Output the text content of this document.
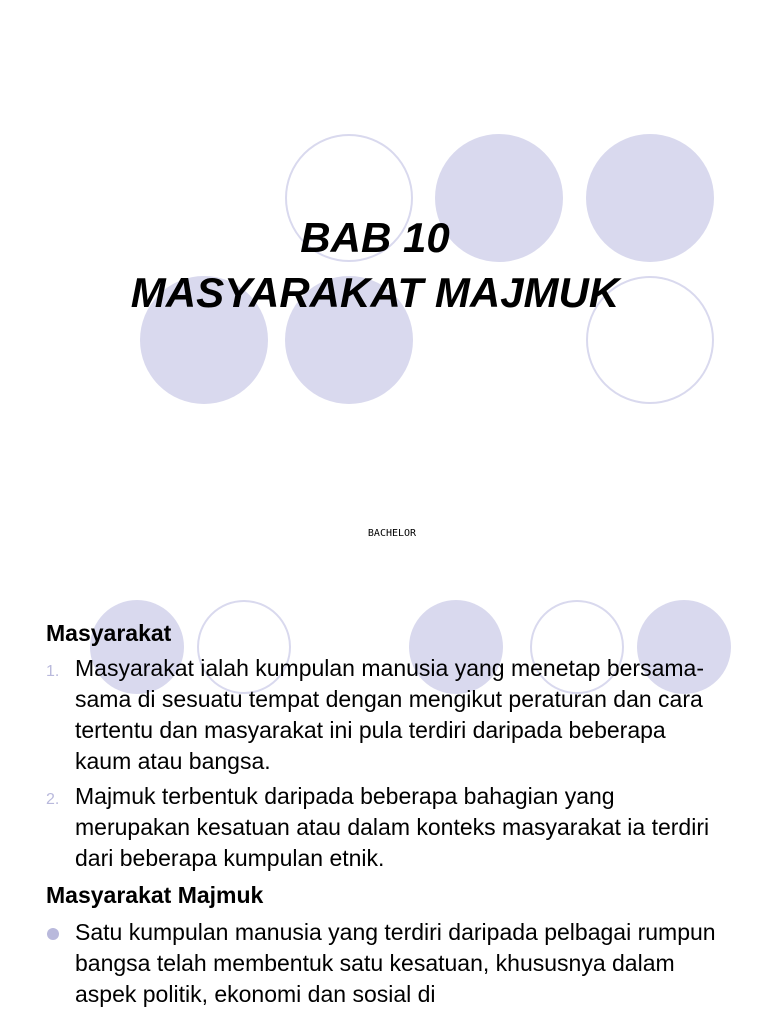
BAB 10
MASYARAKAT MAJMUK
BACHELOR
Masyarakat
1. Masyarakat ialah kumpulan manusia yang menetap bersama-sama di sesuatu tempat dengan mengikut peraturan dan cara tertentu dan masyarakat ini pula terdiri daripada beberapa kaum atau bangsa.
2. Majmuk terbentuk daripada beberapa bahagian yang merupakan kesatuan atau dalam konteks masyarakat ia terdiri dari beberapa kumpulan etnik.
Masyarakat Majmuk
Satu kumpulan manusia yang terdiri daripada pelbagai rumpun bangsa telah membentuk satu kesatuan, khususnya dalam aspek politik, ekonomi dan sosial di
